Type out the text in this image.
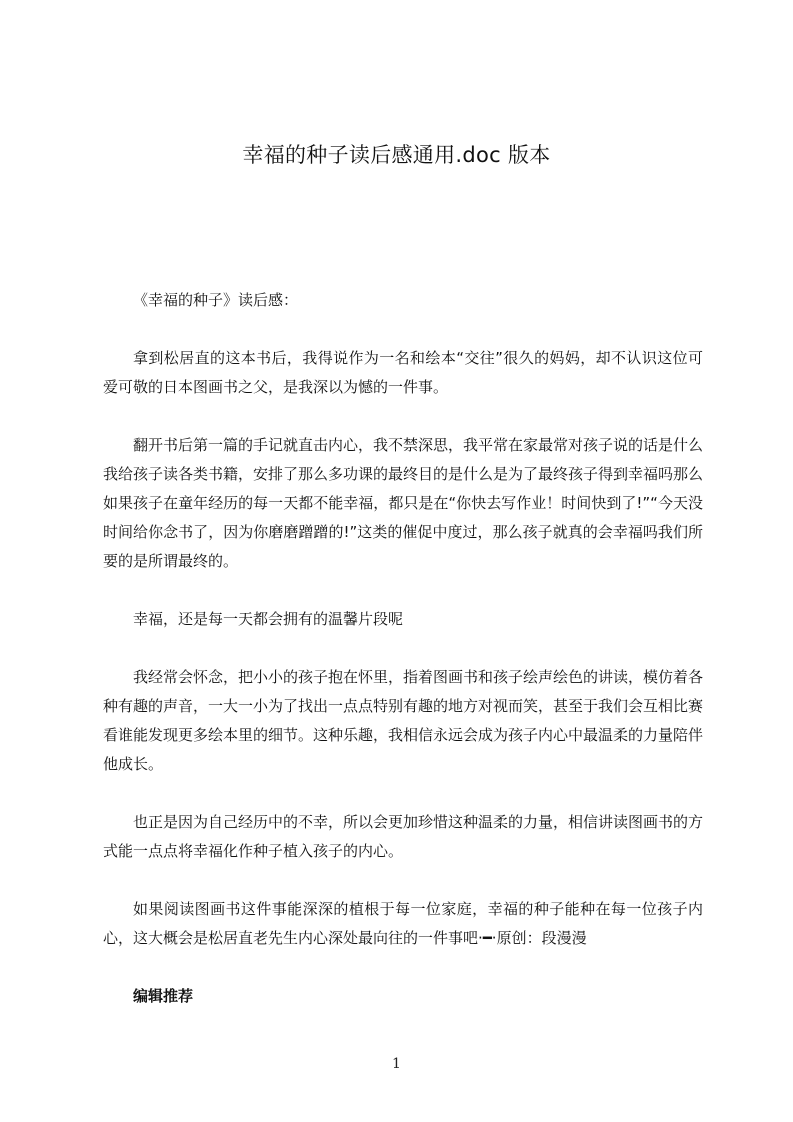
幸福的种子读后感通用.doc 版本

《幸福的种子》读后感：

拿到松居直的这本书后，我得说作为一名和绘本“交往”很久的妈妈，却不认识这位可爱可敬的日本图画书之父，是我深以为憾的一件事。

翻开书后第一篇的手记就直击内心，我不禁深思，我平常在家最常对孩子说的话是什么我给孩子读各类书籍，安排了那么多功课的最终目的是什么是为了最终孩子得到幸福吗那么如果孩子在童年经历的每一天都不能幸福，都只是在“你快去写作业！时间快到了!”“今天没时间给你念书了，因为你磨磨蹭蹭的!”这类的催促中度过，那么孩子就真的会幸福吗我们所要的是所谓最终的。

幸福，还是每一天都会拥有的温馨片段呢

我经常会怀念，把小小的孩子抱在怀里，指着图画书和孩子绘声绘色的讲读，模仿着各种有趣的声音，一大一小为了找出一点点特别有趣的地方对视而笑，甚至于我们会互相比赛看谁能发现更多绘本里的细节。这种乐趣，我相信永远会成为孩子内心中最温柔的力量陪伴他成长。

也正是因为自己经历中的不幸，所以会更加珍惜这种温柔的力量，相信讲读图画书的方式能一点点将幸福化作种子植入孩子的内心。

如果阅读图画书这件事能深深的植根于每一位家庭，幸福的种子能种在每一位孩子内心，这大概会是松居直老先生内心深处最向往的一件事吧·━·原创：段漫漫

编辑推荐

1
